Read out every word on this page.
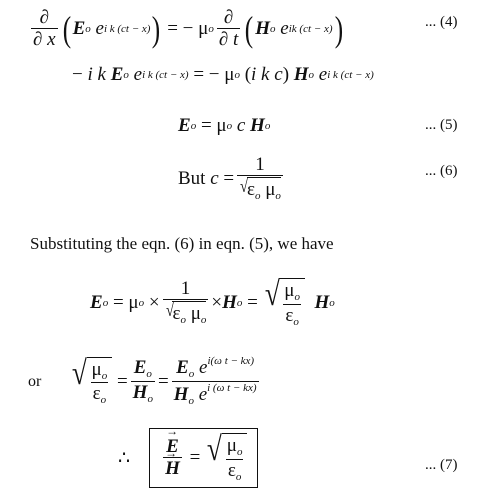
$\frac{\partial}{\partial x}$ ( E o
e i k (ct − x) ) = − μ o $\frac{\partial}{\partial t}$ ( H o
e ik (ct − x) )	... (4)
− i k
E o
e i k (ct − x) = − μ o ( i k c ) H o
e i k (ct − x)
E o = μ o
c
H o	... (5)
But
c = 1
√
$\varepsilon_o$ $\mu_o$	... (6)
Substituting the eqn. (6) in eqn. (5), we have
E o = μ o × 1
√
$\varepsilon_o$ $\mu_o \times H$ o = √ $\frac{\mu_o}{\varepsilon_o}$
H o
or
√ $\frac{\mu_o}{\varepsilon_o} = \frac{E_o}{H_o} = \frac{E_o e^{i(\omega t - kx)}}{H_o e^{i (\omega t - kx)}}$
∴

→ E
→ H = √ $\frac{\mu_o}{\varepsilon_o}$	... (7)
